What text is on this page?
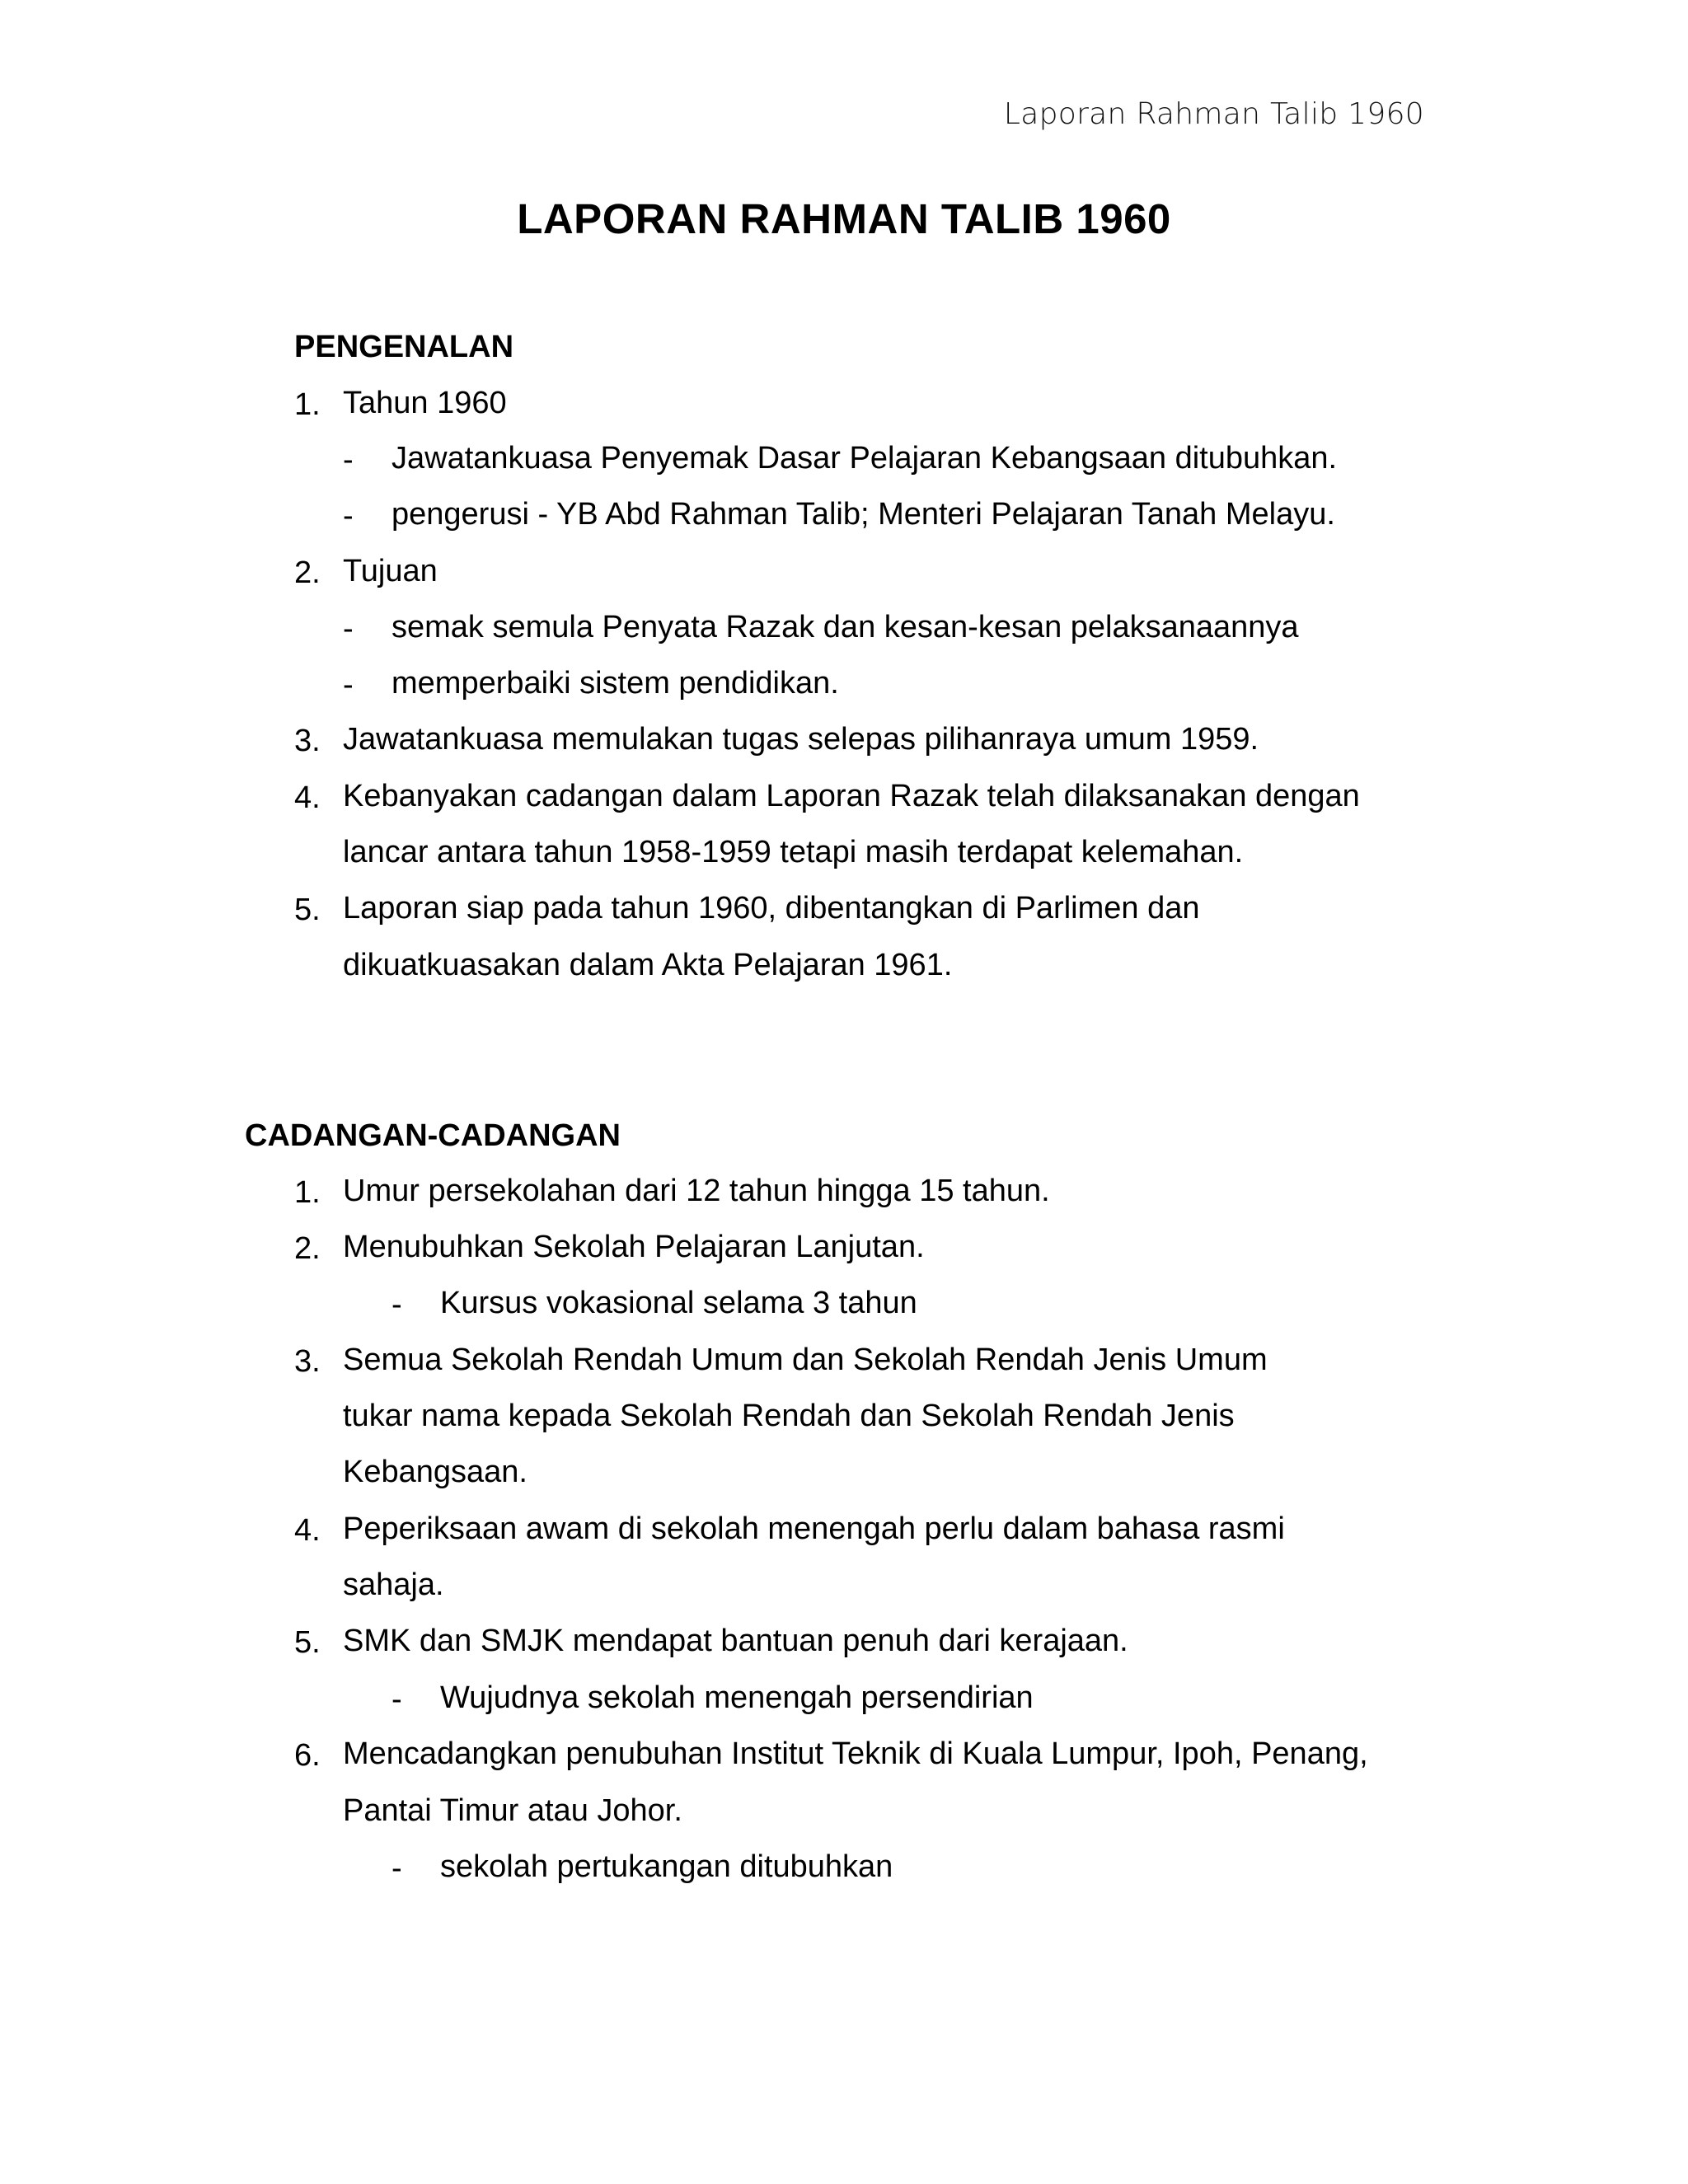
Laporan Rahman Talib 1960
LAPORAN RAHMAN TALIB 1960
PENGENALAN
1. Tahun 1960
- Jawatankuasa Penyemak Dasar Pelajaran Kebangsaan ditubuhkan.
- pengerusi - YB Abd Rahman Talib; Menteri Pelajaran Tanah Melayu.
2. Tujuan
- semak semula Penyata Razak dan kesan-kesan pelaksanaannya
- memperbaiki sistem pendidikan.
3. Jawatankuasa memulakan tugas selepas pilihanraya umum 1959.
4. Kebanyakan cadangan dalam Laporan Razak telah dilaksanakan dengan
lancar antara tahun 1958-1959 tetapi masih terdapat kelemahan.
5. Laporan siap pada tahun 1960, dibentangkan di Parlimen dan
dikuatkuasakan dalam Akta Pelajaran 1961.
CADANGAN-CADANGAN
1. Umur persekolahan dari 12 tahun hingga 15 tahun.
2. Menubuhkan Sekolah Pelajaran Lanjutan.
- Kursus vokasional selama 3 tahun
3. Semua Sekolah Rendah Umum dan Sekolah Rendah Jenis Umum
tukar nama kepada Sekolah Rendah dan Sekolah Rendah Jenis
Kebangsaan.
4. Peperiksaan awam di sekolah menengah perlu dalam bahasa rasmi
sahaja.
5. SMK dan SMJK mendapat bantuan penuh dari kerajaan.
- Wujudnya sekolah menengah persendirian
6. Mencadangkan penubuhan Institut Teknik di Kuala Lumpur, Ipoh, Penang,
Pantai Timur atau Johor.
- sekolah pertukangan ditubuhkan
